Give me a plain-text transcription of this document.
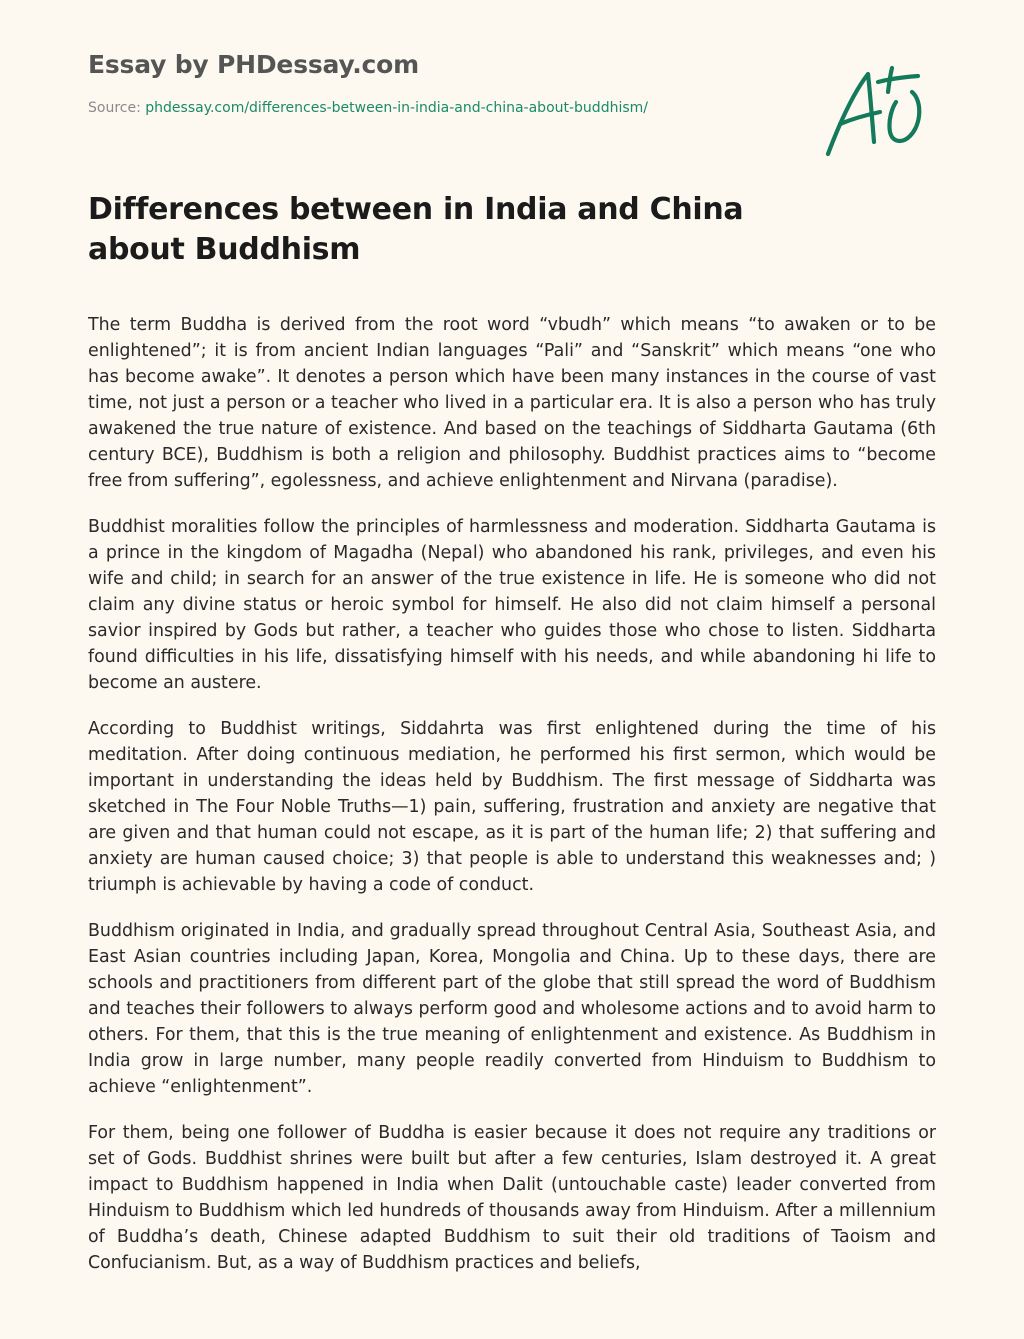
Essay by PHDessay.com
Source: phdessay.com/differences-between-in-india-and-china-about-buddhism/
Differences between in India and China about Buddhism

The term Buddha is derived from the root word “vbudh” which means “to awaken or to be enlightened”; it is from ancient Indian languages “Pali” and “Sanskrit” which means “one who has become awake”. It denotes a person which have been many instances in the course of vast time, not just a person or a teacher who lived in a particular era. It is also a person who has truly awakened the true nature of existence. And based on the teachings of Siddharta Gautama (6th century BCE), Buddhism is both a religion and philosophy. Buddhist practices aims to “become free from suffering”, egolessness, and achieve enlightenment and Nirvana (paradise).

Buddhist moralities follow the principles of harmlessness and moderation. Siddharta Gautama is a prince in the kingdom of Magadha (Nepal) who abandoned his rank, privileges, and even his wife and child; in search for an answer of the true existence in life. He is someone who did not claim any divine status or heroic symbol for himself. He also did not claim himself a personal savior inspired by Gods but rather, a teacher who guides those who chose to listen. Siddharta found difficulties in his life, dissatisfying himself with his needs, and while abandoning hi life to become an austere.

According to Buddhist writings, Siddahrta was first enlightened during the time of his meditation. After doing continuous mediation, he performed his first sermon, which would be important in understanding the ideas held by Buddhism. The first message of Siddharta was sketched in The Four Noble Truths—1) pain, suffering, frustration and anxiety are negative that are given and that human could not escape, as it is part of the human life; 2) that suffering and anxiety are human caused choice; 3) that people is able to understand this weaknesses and; ) triumph is achievable by having a code of conduct.

Buddhism originated in India, and gradually spread throughout Central Asia, Southeast Asia, and East Asian countries including Japan, Korea, Mongolia and China. Up to these days, there are schools and practitioners from different part of the globe that still spread the word of Buddhism and teaches their followers to always perform good and wholesome actions and to avoid harm to others. For them, that this is the true meaning of enlightenment and existence. As Buddhism in India grow in large number, many people readily converted from Hinduism to Buddhism to achieve “enlightenment”.

For them, being one follower of Buddha is easier because it does not require any traditions or set of Gods. Buddhist shrines were built but after a few centuries, Islam destroyed it. A great impact to Buddhism happened in India when Dalit (untouchable caste) leader converted from Hinduism to Buddhism which led hundreds of thousands away from Hinduism. After a millennium of Buddha’s death, Chinese adapted Buddhism to suit their old traditions of Taoism and Confucianism. But, as a way of Buddhism practices and beliefs,
